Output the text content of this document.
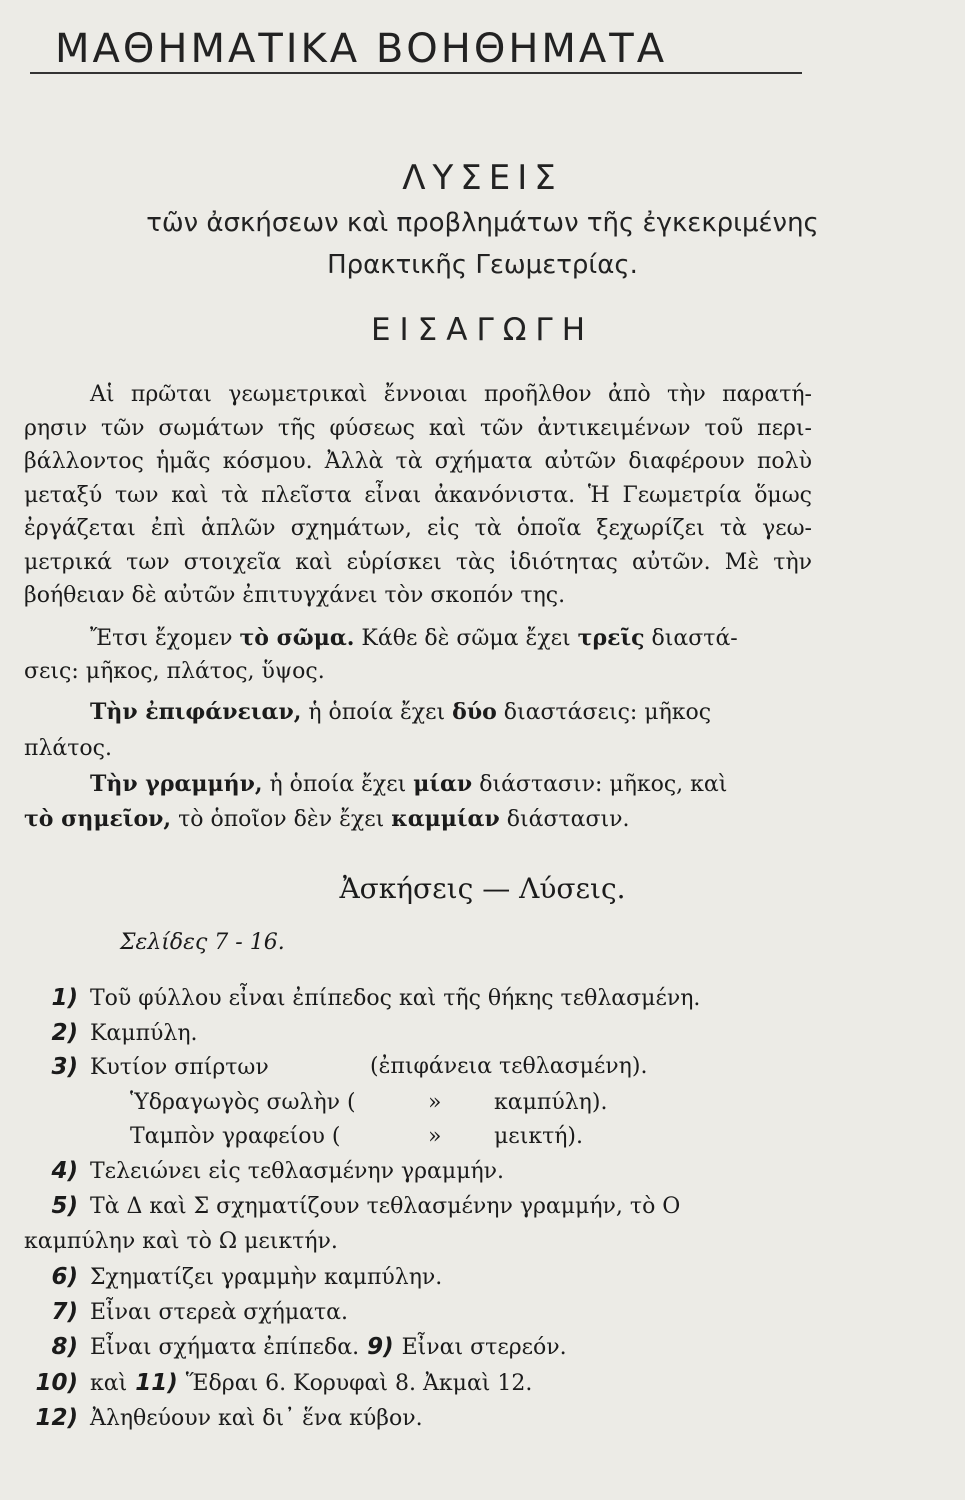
ΜΑΘΗΜΑΤΙΚΑ ΒΟΗΘΗΜΑΤΑ
ΛΥΣΕΙΣ
τῶν ἀσκήσεων καὶ προβλημάτων τῆς ἐγκεκριμένης
Πρακτικῆς Γεωμετρίας.
ΕΙΣΑΓΩΓΗ
Αἱ πρῶται γεωμετρικαὶ ἔννοιαι προῆλθον ἀπὸ τὴν παρατή-
ρησιν τῶν σωμάτων τῆς φύσεως καὶ τῶν ἀντικειμένων τοῦ περι-
βάλλοντος ἡμᾶς κόσμου. Ἀλλὰ τὰ σχήματα αὐτῶν διαφέρουν πολὺ
μεταξύ των καὶ τὰ πλεῖστα εἶναι ἀκανόνιστα. Ἡ Γεωμετρία ὅμως
ἐργάζεται ἐπὶ ἁπλῶν σχημάτων, εἰς τὰ ὁποῖα ξεχωρίζει τὰ γεω-
μετρικά των στοιχεῖα καὶ εὑρίσκει τὰς ἰδιότητας αὐτῶν. Μὲ τὴν
βοήθειαν δὲ αὐτῶν ἐπιτυγχάνει τὸν σκοπόν της.
Ἔτσι ἔχομεν τὸ σῶμα. Κάθε δὲ σῶμα ἔχει τρεῖς διαστά-
σεις: μῆκος, πλάτος, ὕψος.
Τὴν ἐπιφάνειαν, ἡ ὁποία ἔχει δύο διαστάσεις: μῆκος
πλάτος.
Τὴν γραμμήν, ἡ ὁποία ἔχει μίαν διάστασιν: μῆκος, καὶ
τὸ σημεῖον, τὸ ὁποῖον δὲν ἔχει καμμίαν διάστασιν.
Ἀσκήσεις — Λύσεις.
Σελίδες 7 - 16.
1) Τοῦ φύλλου εἶναι ἐπίπεδος καὶ τῆς θήκης τεθλασμένη.
2) Καμπύλη.
3) Κυτίον σπίρτων	(ἐπιφάνεια τεθλασμένη).
Ὑδραγωγὸς σωλὴν (	» καμπύλη).
Ταμπὸν γραφείου (	» μεικτή).
4) Τελειώνει εἰς τεθλασμένην γραμμήν.
5) Τὰ Δ καὶ Σ σχηματίζουν τεθλασμένην γραμμήν, τὸ Ο
καμπύλην καὶ τὸ Ω μεικτήν.
6) Σχηματίζει γραμμὴν καμπύλην.
7) Εἶναι στερεὰ σχήματα.
8) Εἶναι σχήματα ἐπίπεδα. 9) Εἶναι στερεόν.
10) καὶ 11) Ἕδραι 6. Κορυφαὶ 8. Ἀκμαὶ 12.
12) Ἀληθεύουν καὶ δι᾽ ἕνα κύβον.
